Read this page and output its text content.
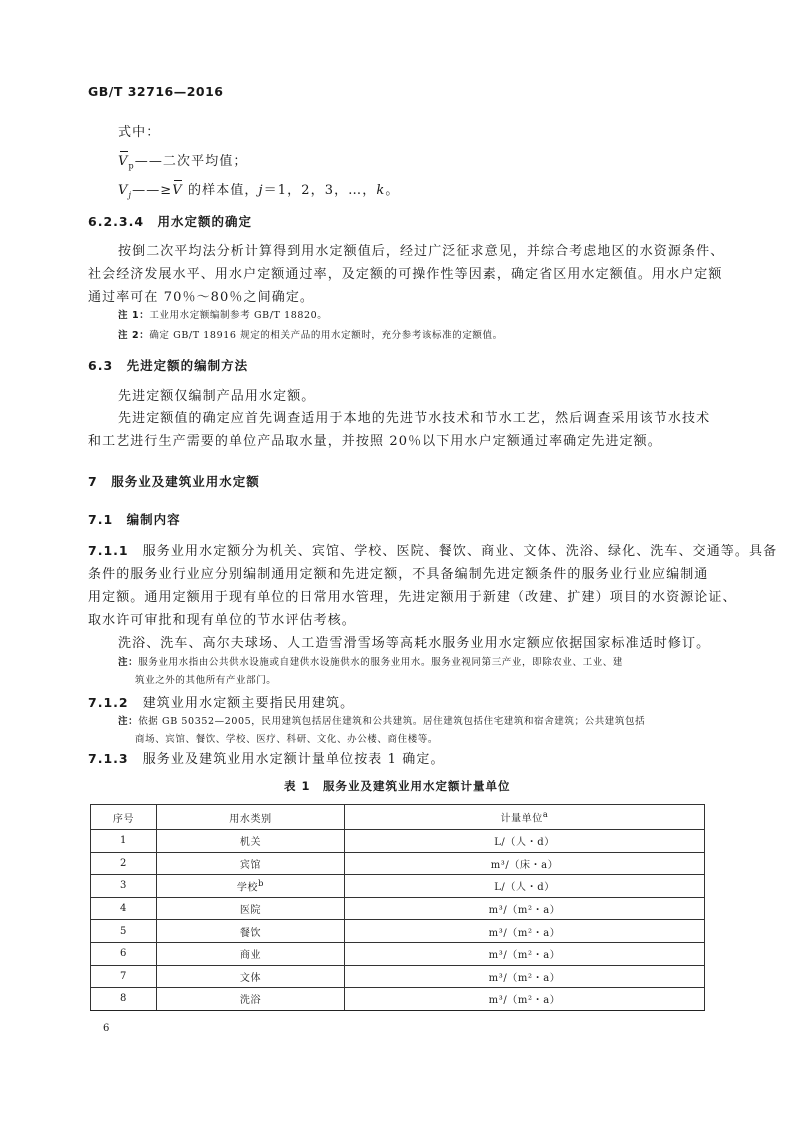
GB/T 32716—2016

式中：

$V_p——$二次平均值；

$V_j——\ge V$ 的样本值，j＝1，2，3，…，k。

6.2.3.4　用水定额的确定

按倒二次平均法分析计算得到用水定额值后，经过广泛征求意见，并综合考虑地区的水资源条件、

社会经济发展水平、用水户定额通过率，及定额的可操作性等因素，确定省区用水定额值。用水户定额

通过率可在 70％～80％之间确定。

注 1：工业用水定额编制参考 GB/T 18820。

注 2：确定 GB/T 18916 规定的相关产品的用水定额时，充分参考该标准的定额值。

6.3　先进定额的编制方法

先进定额仅编制产品用水定额。

先进定额值的确定应首先调查适用于本地的先进节水技术和节水工艺，然后调查采用该节水技术

和工艺进行生产需要的单位产品取水量，并按照 20％以下用水户定额通过率确定先进定额。

7　服务业及建筑业用水定额

7.1　编制内容

7.1.1　 服务业用水定额分为机关、宾馆、学校、医院、餐饮、商业、文体、洗浴、绿化、洗车、交通等。具备

条件的服务业行业应分别编制通用定额和先进定额，不具备编制先进定额条件的服务业行业应编制通

用定额。通用定额用于现有单位的日常用水管理，先进定额用于新建（改建、扩建）项目的水资源论证、

取水许可审批和现有单位的节水评估考核。

洗浴、洗车、高尔夫球场、人工造雪滑雪场等高耗水服务业用水定额应依据国家标准适时修订。

注：服务业用水指由公共供水设施或自建供水设施供水的服务业用水。服务业视同第三产业，即除农业、工业、建

筑业之外的其他所有产业部门。

7.1.2　 建筑业用水定额主要指民用建筑。

注：依据 GB 50352—2005，民用建筑包括居住建筑和公共建筑。居住建筑包括住宅建筑和宿舍建筑；公共建筑包括

商场、宾馆、餐饮、学校、医疗、科研、文化、办公楼、商住楼等。

7.1.3　 服务业及建筑业用水定额计量单位按表 1 确定。

表 1　服务业及建筑业用水定额计量单位

序号	用水类别	计量单位$^a$
1	机关	L/（人・d）
2	宾馆	m³/（床・a）
3	学校$^b$	L/（人・d）
4	医院	m³/（m²・a）
5	餐饮	m³/（m²・a）
6	商业	m³/（m²・a）
7	文体	m³/（m²・a）
8	洗浴	m³/（m²・a）

6
